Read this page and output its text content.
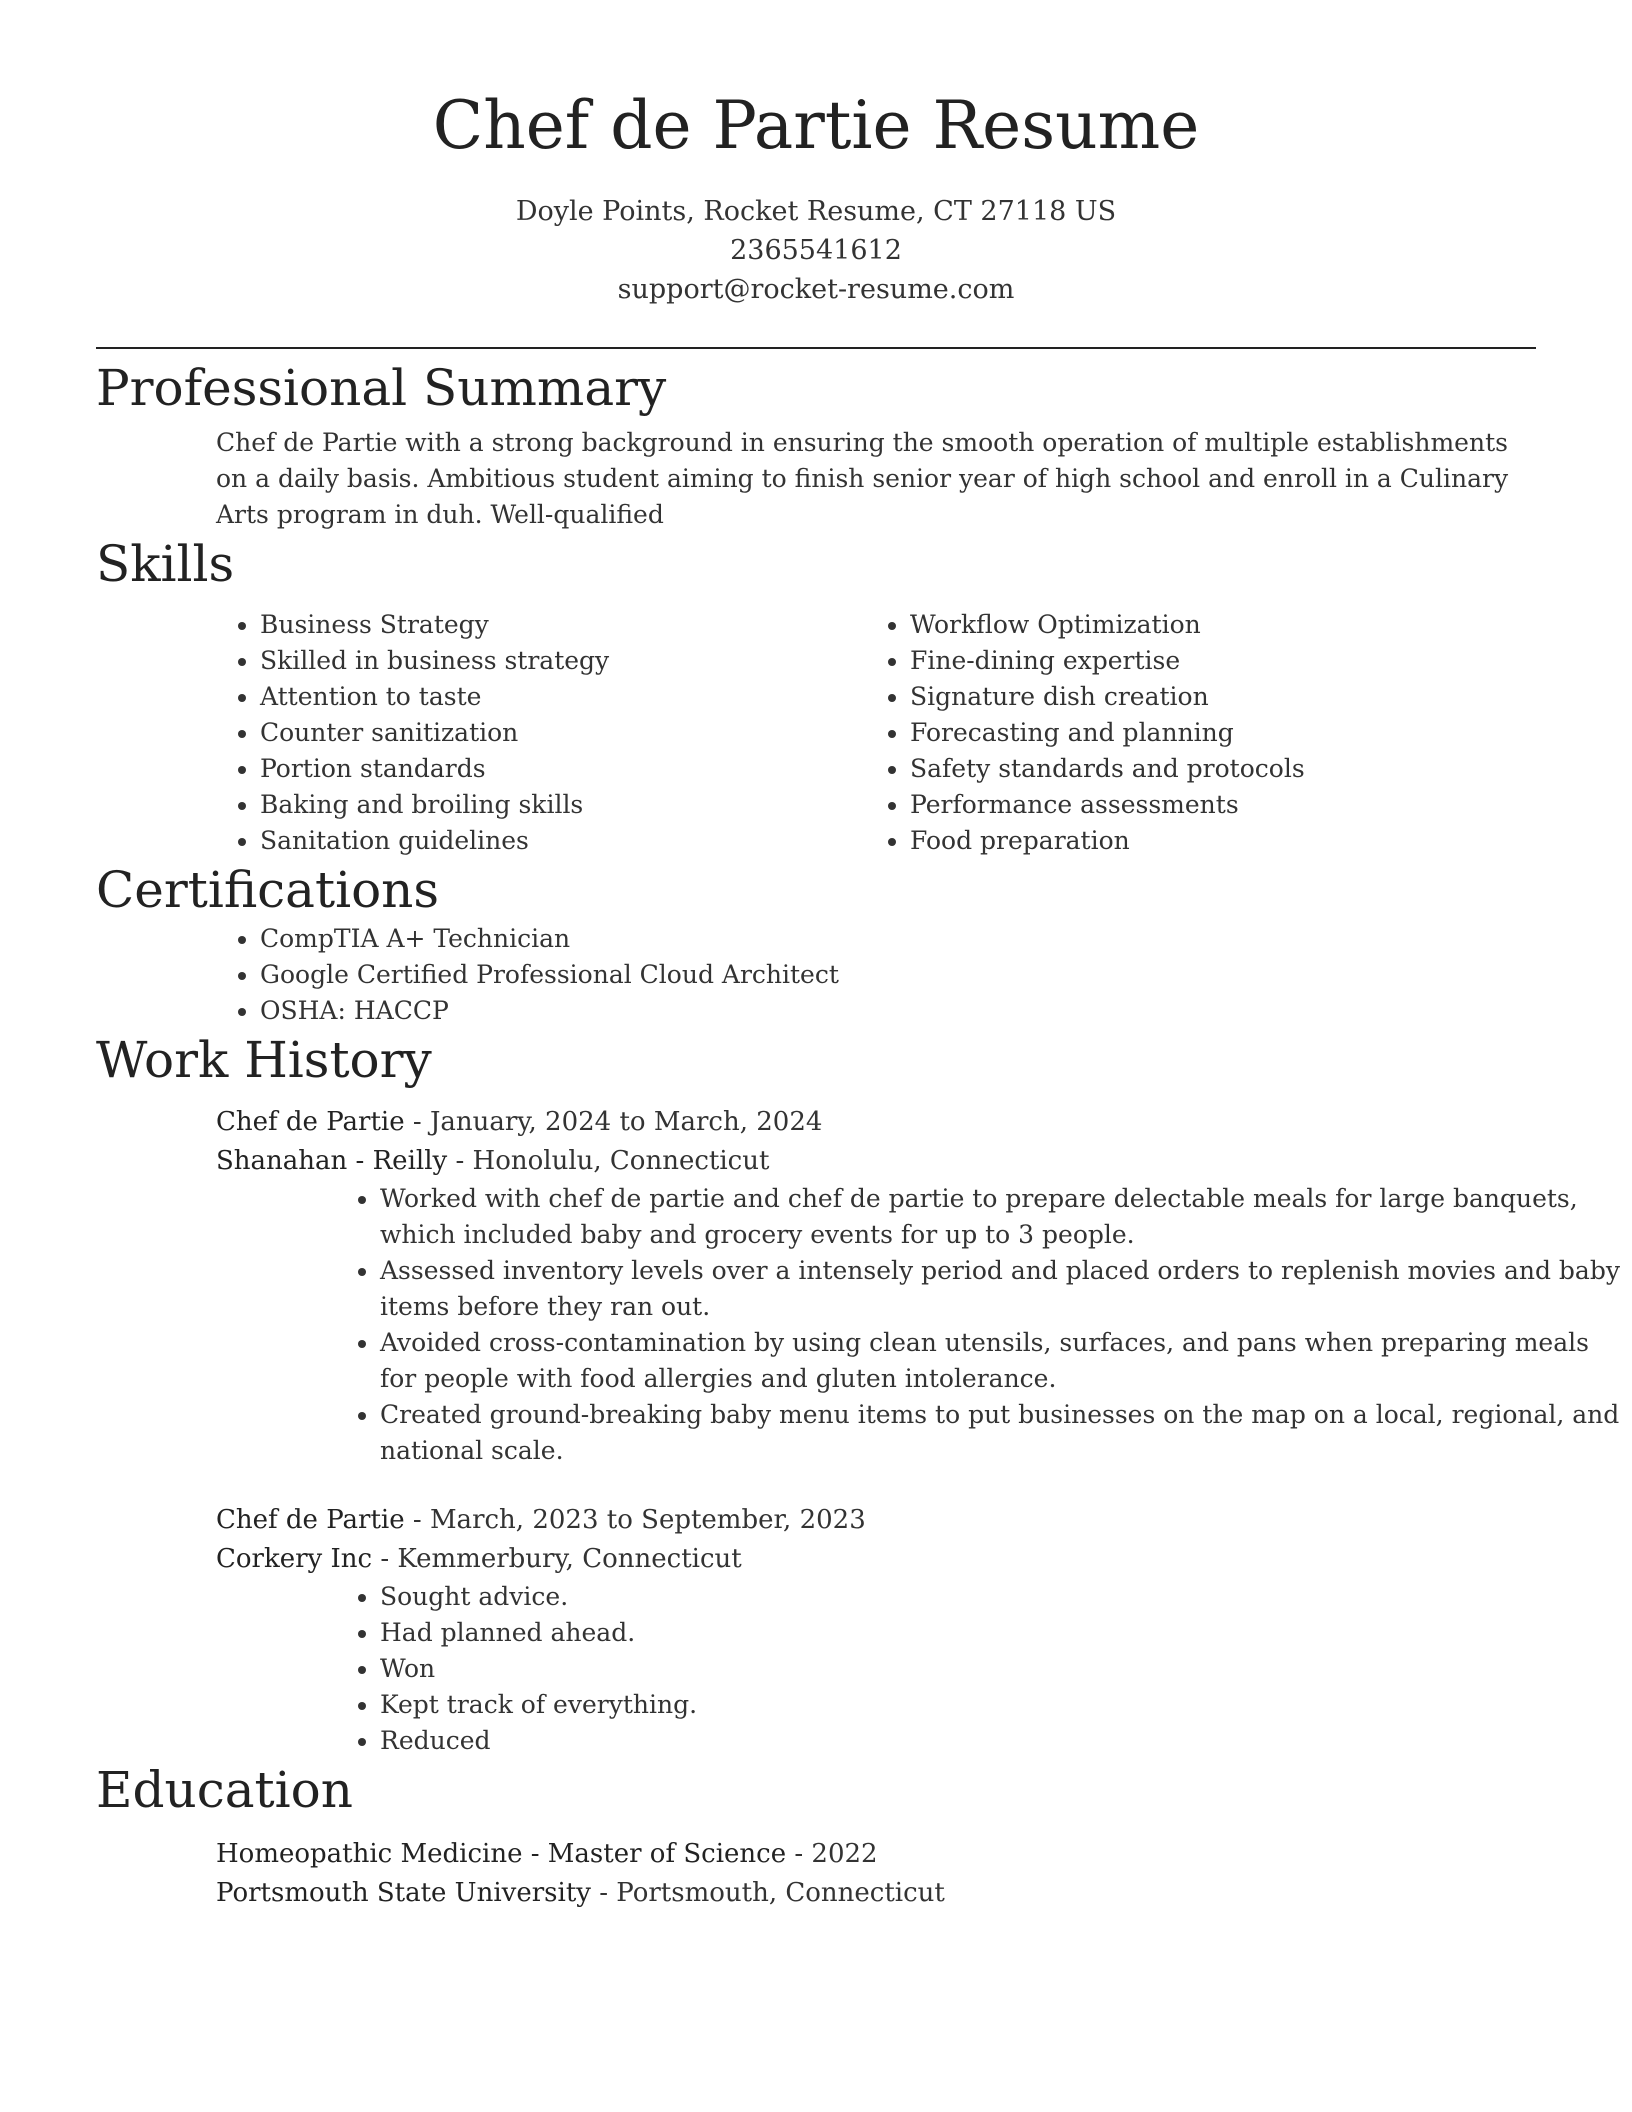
Chef de Partie Resume
Doyle Points, Rocket Resume, CT 27118 US
2365541612
support@rocket-resume.com
Professional Summary

Chef de Partie with a strong background in ensuring the smooth operation of multiple establishments on a daily basis. Ambitious student aiming to finish senior year of high school and enroll in a Culinary Arts program in duh. Well-qualified

Skills
• Business Strategy
• Skilled in business strategy
• Attention to taste
• Counter sanitization
• Portion standards
• Baking and broiling skills
• Sanitation guidelines
• Workflow Optimization
• Fine-dining expertise
• Signature dish creation
• Forecasting and planning
• Safety standards and protocols
• Performance assessments
• Food preparation
Certifications
• CompTIA A+ Technician
• Google Certified Professional Cloud Architect
• OSHA: HACCP
Work History
Chef de Partie - January, 2024 to March, 2024
Shanahan - Reilly - Honolulu, Connecticut
• Worked with chef de partie and chef de partie to prepare delectable meals for large banquets, which included baby and grocery events for up to 3 people.
• Assessed inventory levels over a intensely period and placed orders to replenish movies and baby items before they ran out.
• Avoided cross-contamination by using clean utensils, surfaces, and pans when preparing meals for people with food allergies and gluten intolerance.
• Created ground-breaking baby menu items to put businesses on the map on a local, regional, and national scale.
Chef de Partie - March, 2023 to September, 2023
Corkery Inc - Kemmerbury, Connecticut
• Sought advice.
• Had planned ahead.
• Won
• Kept track of everything.
• Reduced
Education
Homeopathic Medicine - Master of Science - 2022
Portsmouth State University - Portsmouth, Connecticut
